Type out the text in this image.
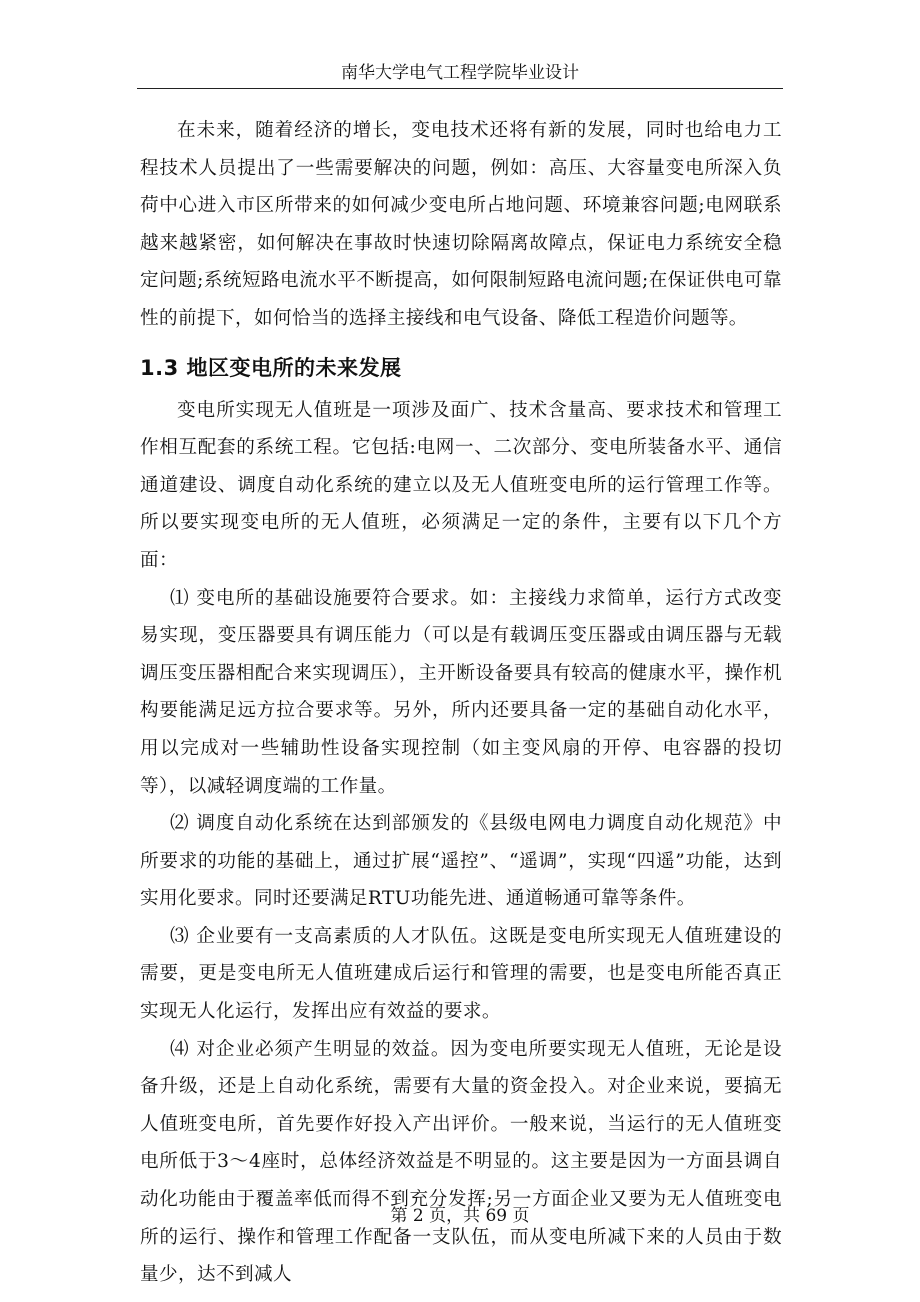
南华大学电气工程学院毕业设计

在未来，随着经济的增长，变电技术还将有新的发展，同时也给电力工程技术人员提出了一些需要解决的问题，例如：高压、大容量变电所深入负荷中心进入市区所带来的如何减少变电所占地问题、环境兼容问题;电网联系越来越紧密，如何解决在事故时快速切除隔离故障点，保证电力系统安全稳定问题;系统短路电流水平不断提高，如何限制短路电流问题;在保证供电可靠性的前提下，如何恰当的选择主接线和电气设备、降低工程造价问题等。

1.3 地区变电所的未来发展

变电所实现无人值班是一项涉及面广、技术含量高、要求技术和管理工作相互配套的系统工程。它包括:电网一、二次部分、变电所装备水平、通信通道建设、调度自动化系统的建立以及无人值班变电所的运行管理工作等。所以要实现变电所的无人值班，必须满足一定的条件，主要有以下几个方面：

⑴ 变电所的基础设施要符合要求。如：主接线力求简单，运行方式改变易实现，变压器要具有调压能力（可以是有载调压变压器或由调压器与无载调压变压器相配合来实现调压），主开断设备要具有较高的健康水平，操作机构要能满足远方拉合要求等。另外，所内还要具备一定的基础自动化水平，用以完成对一些辅助性设备实现控制（如主变风扇的开停、电容器的投切等），以减轻调度端的工作量。

⑵ 调度自动化系统在达到部颁发的《县级电网电力调度自动化规范》中所要求的功能的基础上，通过扩展“遥控”、“遥调”，实现“四遥”功能，达到实用化要求。同时还要满足RTU功能先进、通道畅通可靠等条件。

⑶ 企业要有一支高素质的人才队伍。这既是变电所实现无人值班建设的需要，更是变电所无人值班建成后运行和管理的需要，也是变电所能否真正实现无人化运行，发挥出应有效益的要求。

⑷ 对企业必须产生明显的效益。因为变电所要实现无人值班，无论是设备升级，还是上自动化系统，需要有大量的资金投入。对企业来说，要搞无人值班变电所，首先要作好投入产出评价。一般来说，当运行的无人值班变电所低于3～4座时，总体经济效益是不明显的。这主要是因为一方面县调自动化功能由于覆盖率低而得不到充分发挥;另一方面企业又要为无人值班变电所的运行、操作和管理工作配备一支队伍，而从变电所减下来的人员由于数量少，达不到减人

第 2 页，共 69 页
